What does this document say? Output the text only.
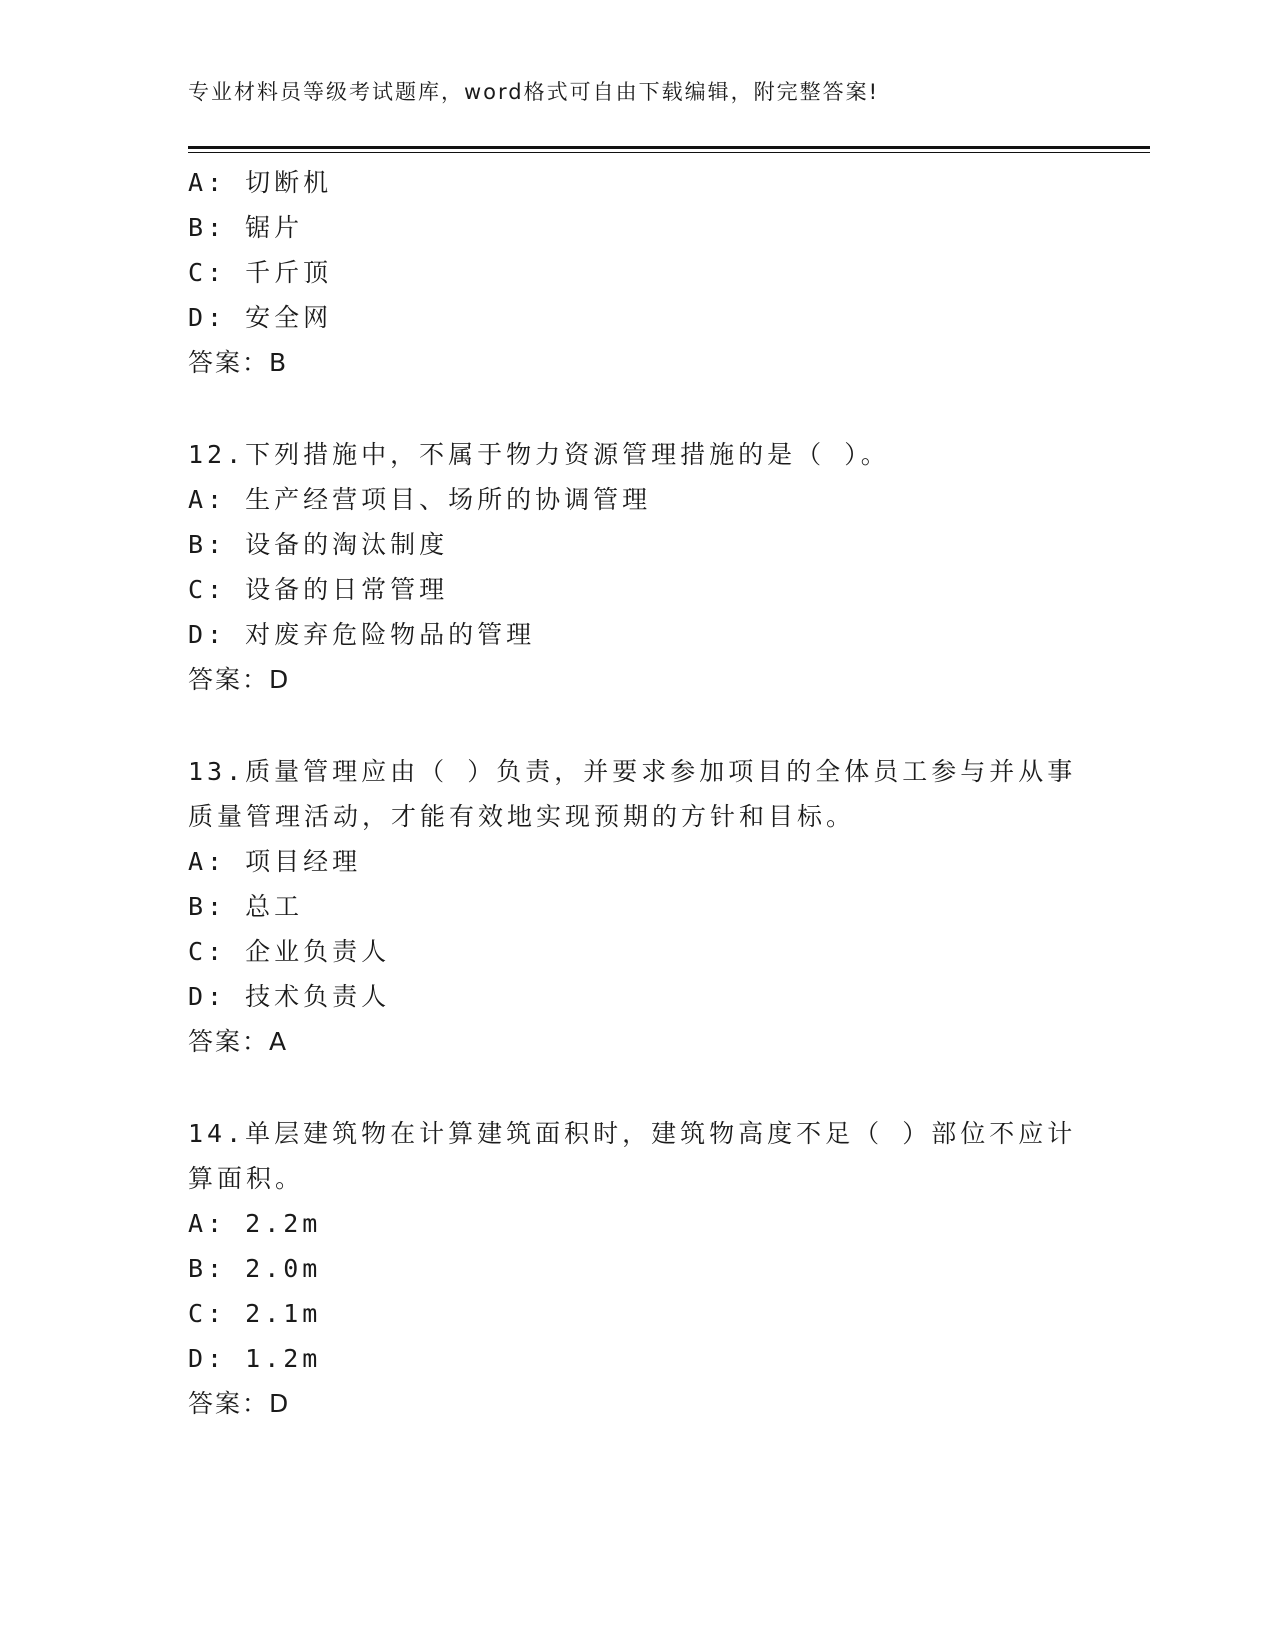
专业材料员等级考试题库，word格式可自由下载编辑，附完整答案!
A: 切断机
B: 锯片
C: 千斤顶
D: 安全网
答案：B
12.下列措施中，不属于物力资源管理措施的是（ ）。
A: 生产经营项目、场所的协调管理
B: 设备的淘汰制度
C: 设备的日常管理
D: 对废弃危险物品的管理
答案：D
13.质量管理应由（ ）负责，并要求参加项目的全体员工参与并从事
质量管理活动，才能有效地实现预期的方针和目标。
A: 项目经理
B: 总工
C: 企业负责人
D: 技术负责人
答案：A
14.单层建筑物在计算建筑面积时，建筑物高度不足（ ）部位不应计
算面积。
A: 2.2m
B: 2.0m
C: 2.1m
D: 1.2m
答案：D
